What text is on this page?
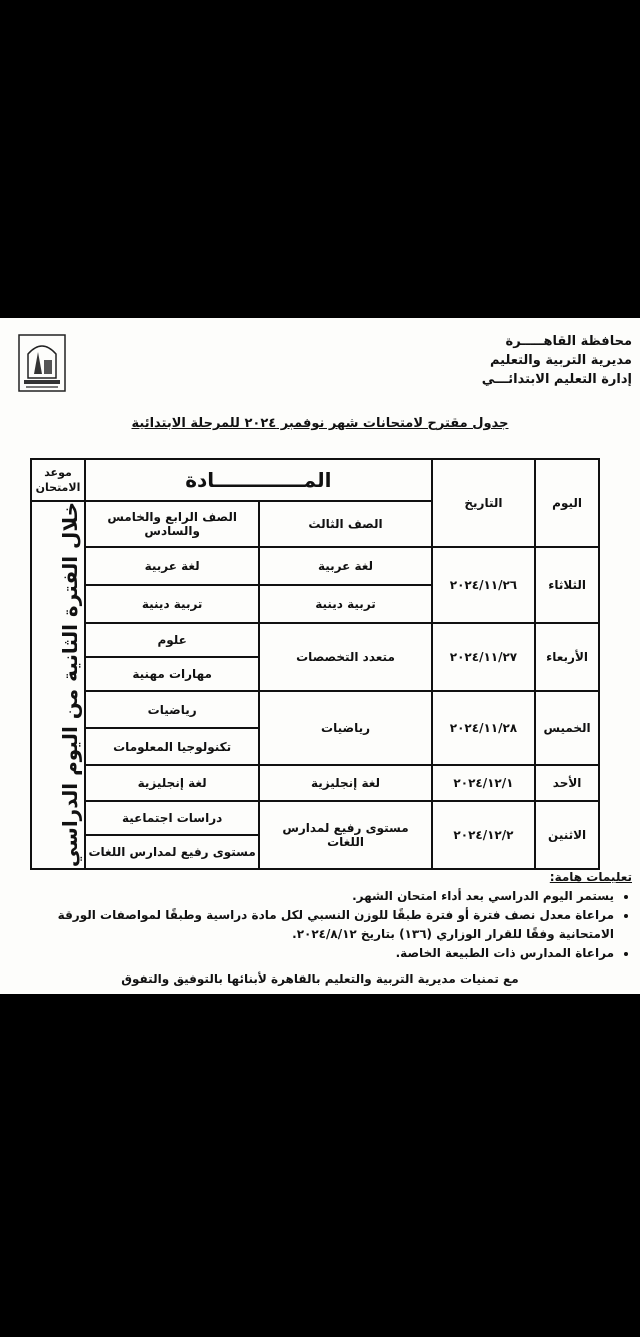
محافظة القاهـــــرة
مديرية التربية والتعليم
إدارة التعليم الابتدائـــي
جدول مقترح لامتحانات شهر نوفمبر ٢٠٢٤ للمرحلة الابتدائية
اليوم	التاريخ	المـــــــــــــادة		موعد الامتحان
		الصف الثالث	الصف الرابع والخامس والسادس	خلال الفترة الثانية من اليوم الدراسي

الثلاثاء	٢٠٢٤/١١/٢٦	لغة عربية	لغة عربية	
		تربية دينية	تربية دينية	
الأربعاء	٢٠٢٤/١١/٢٧	متعدد التخصصات	علوم	
			مهارات مهنية	
الخميس	٢٠٢٤/١١/٢٨	رياضيات	رياضيات	
			تكنولوجيا المعلومات	
الأحد	٢٠٢٤/١٢/١	لغة إنجليزية	لغة إنجليزية	
الاثنين	٢٠٢٤/١٢/٢	مستوى رفيع لمدارس اللغات	دراسات اجتماعية	
			مستوى رفيع لمدارس اللغات	
تعليمات هامة:
• يستمر اليوم الدراسي بعد أداء امتحان الشهر.
• مراعاة معدل نصف فترة أو فترة طبقًا للوزن النسبي لكل مادة دراسية وطبقًا لمواصفات الورقة الامتحانية وفقًا للقرار الوزاري (١٣٦) بتاريخ ٢٠٢٤/٨/١٢.
• مراعاة المدارس ذات الطبيعة الخاصة.
مع تمنيات مديرية التربية والتعليم بالقاهرة لأبنائها بالتوفيق والتفوق
